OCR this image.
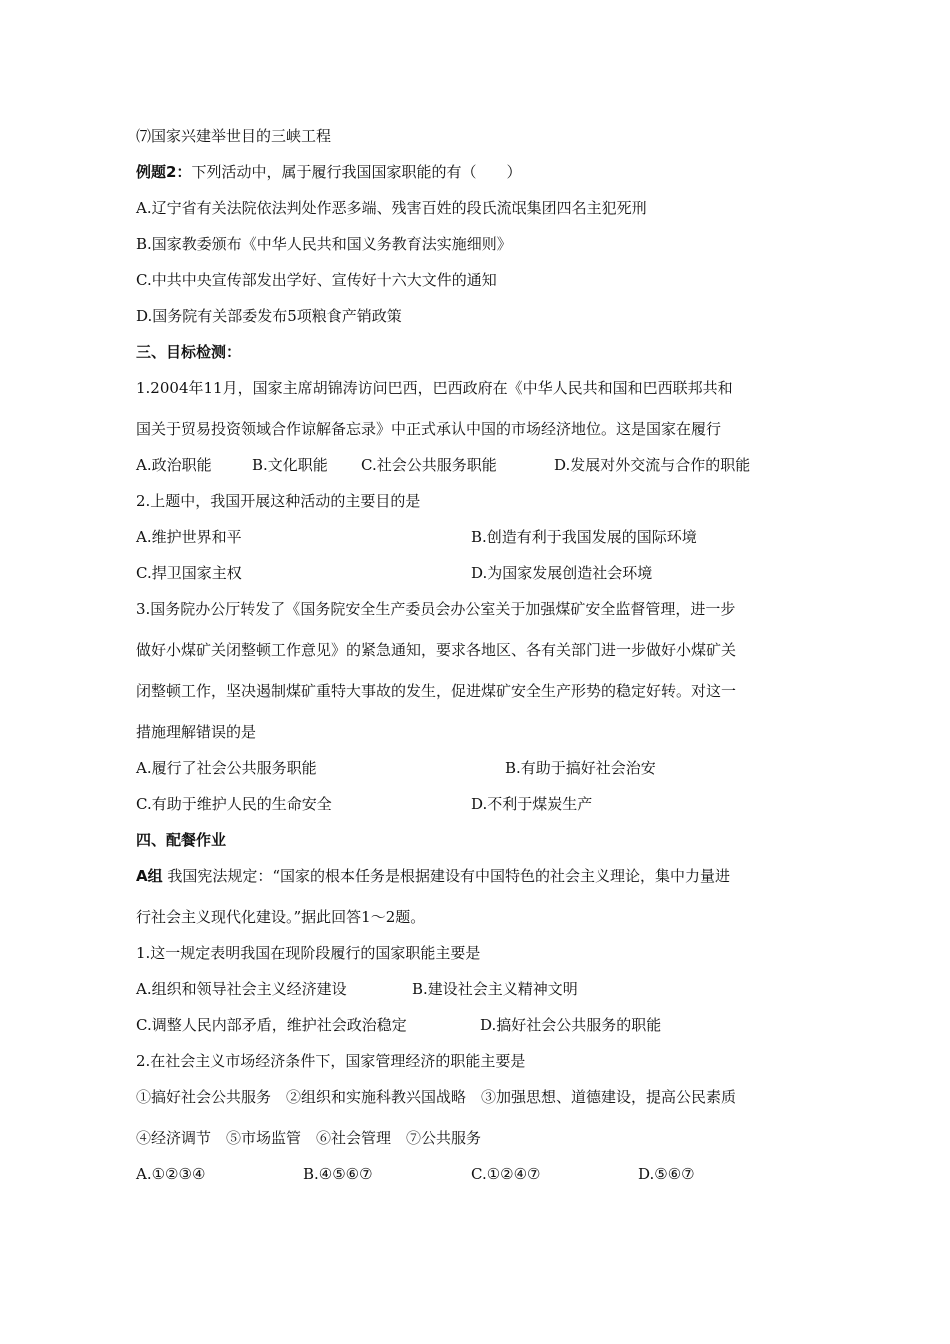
⑺国家兴建举世目的三峡工程
例题2：下列活动中，属于履行我国国家职能的有（　　）
A.辽宁省有关法院依法判处作恶多端、残害百姓的段氏流氓集团四名主犯死刑
B.国家教委颁布《中华人民共和国义务教育法实施细则》
C.中共中央宣传部发出学好、宣传好十六大文件的通知
D.国务院有关部委发布5项粮食产销政策
三、目标检测：
1.2004年11月，国家主席胡锦涛访问巴西，巴西政府在《中华人民共和国和巴西联邦共和
国关于贸易投资领域合作谅解备忘录》中正式承认中国的市场经济地位。这是国家在履行
A.政治职能	B.文化职能 C.社会公共服务职能	D.发展对外交流与合作的职能
2.上题中，我国开展这种活动的主要目的是
A.维护世界和平	B.创造有利于我国发展的国际环境
C.捍卫国家主权	D.为国家发展创造社会环境
3.国务院办公厅转发了《国务院安全生产委员会办公室关于加强煤矿安全监督管理，进一步
做好小煤矿关闭整顿工作意见》的紧急通知，要求各地区、各有关部门进一步做好小煤矿关
闭整顿工作，坚决遏制煤矿重特大事故的发生，促进煤矿安全生产形势的稳定好转。对这一
措施理解错误的是
A.履行了社会公共服务职能	B.有助于搞好社会治安
C.有助于维护人民的生命安全	D.不利于煤炭生产
四、配餐作业
A组 我国宪法规定：“国家的根本任务是根据建设有中国特色的社会主义理论，集中力量进
行社会主义现代化建设。”据此回答1～2题。
1.这一规定表明我国在现阶段履行的国家职能主要是
A.组织和领导社会主义经济建设	B.建设社会主义精神文明
C.调整人民内部矛盾，维护社会政治稳定	D.搞好社会公共服务的职能
2.在社会主义市场经济条件下，国家管理经济的职能主要是
①搞好社会公共服务　②组织和实施科教兴国战略　③加强思想、道德建设，提高公民素质
④经济调节　⑤市场监管　⑥社会管理　⑦公共服务
A.①②③④	B.④⑤⑥⑦	C.①②④⑦	D.⑤⑥⑦
